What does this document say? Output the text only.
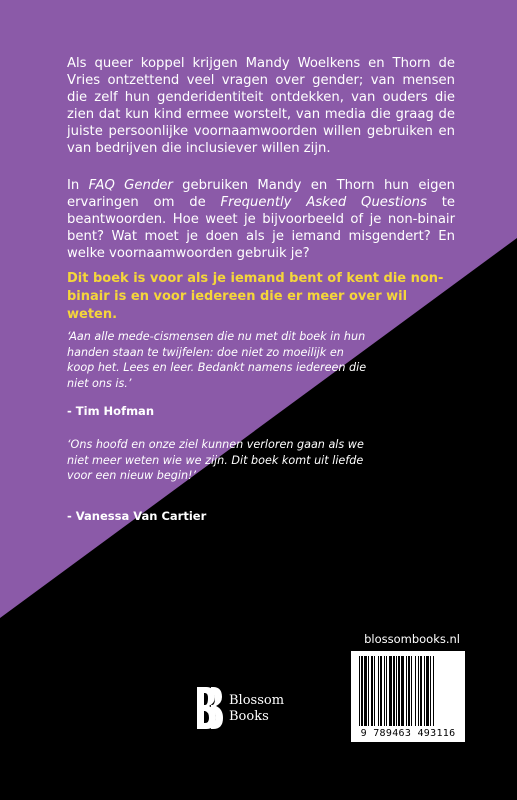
Als queer koppel krijgen Mandy Woelkens en Thorn de Vries ontzettend veel vragen over gender; van mensen die zelf hun genderidentiteit ontdekken, van ouders die zien dat kun kind ermee worstelt, van media die graag de juiste persoonlijke voornaamwoorden willen gebruiken en van bedrijven die inclusiever willen zijn.
In FAQ Gender gebruiken Mandy en Thorn hun eigen ervaringen om de Frequently Asked Questions te beantwoorden. Hoe weet je bijvoorbeeld of je non-binair bent? Wat moet je doen als je iemand misgendert? En welke voornaamwoorden gebruik je?
Dit boek is voor als je iemand bent of kent die non-binair is en voor iedereen die er meer over wil weten.
‘Aan alle mede-cismensen die nu met dit boek in hun handen staan te twijfelen: doe niet zo moeilijk en koop het. Lees en leer. Bedankt namens iedereen die niet ons is.’
- Tim Hofman
‘Ons hoofd en onze ziel kunnen verloren gaan als we niet meer weten wie we zijn. Dit boek komt uit liefde voor een nieuw begin!’
- Vanessa Van Cartier
blossombooks.nl
9 789463 493116
Blossom
Books
